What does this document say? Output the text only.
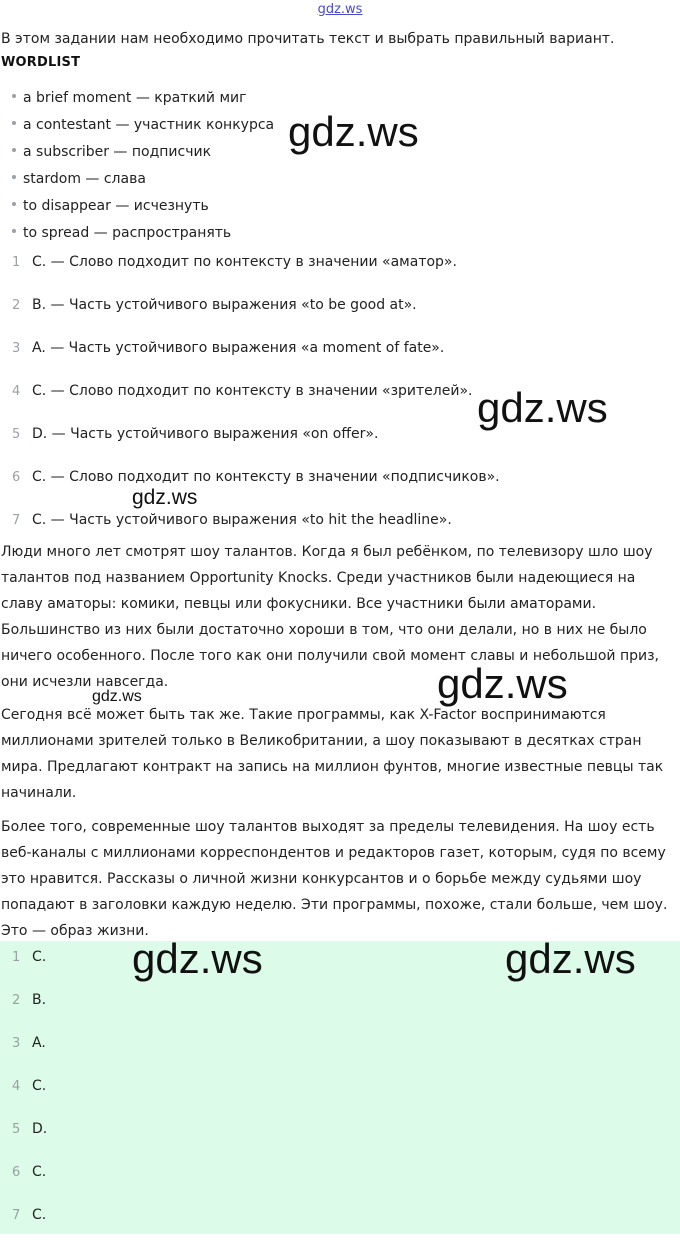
gdz.ws
В этом задании нам необходимо прочитать текст и выбрать правильный вариант.
WORDLIST
a brief moment — краткий миг
a contestant — участник конкурса
a subscriber — подписчик
stardom — слава
to disappear — исчезнуть
to spread — распространять
1 C. — Слово подходит по контексту в значении «аматор».
2 B. — Часть устойчивого выражения «to be good at».
3 A. — Часть устойчивого выражения «a moment of fate».
4 C. — Слово подходит по контексту в значении «зрителей».
5 D. — Часть устойчивого выражения «on offer».
6 C. — Слово подходит по контексту в значении «подписчиков».
7 C. — Часть устойчивого выражения «to hit the headline».

Люди много лет смотрят шоу талантов. Когда я был ребёнком, по телевизору шло шоу талантов под названием Opportunity Knocks. Среди участников были надеющиеся на славу аматоры: комики, певцы или фокусники. Все участники были аматорами. Большинство из них были достаточно хороши в том, что они делали, но в них не было ничего особенного. После того как они получили свой момент славы и небольшой приз, они исчезли навсегда.

Сегодня всё может быть так же. Такие программы, как X-Factor воспринимаются миллионами зрителей только в Великобритании, а шоу показывают в десятках стран мира. Предлагают контракт на запись на миллион фунтов, многие известные певцы так начинали.

Более того, современные шоу талантов выходят за пределы телевидения. На шоу есть веб-каналы с миллионами корреспондентов и редакторов газет, которым, судя по всему это нравится. Рассказы о личной жизни конкурсантов и о борьбе между судьями шоу попадают в заголовки каждую неделю. Эти программы, похоже, стали больше, чем шоу. Это — образ жизни.

1 C.
2 B.
3 A.
4 C.
5 D.
6 C.
7 C.
gdz.ws
gdz.ws
gdz.ws
gdz.ws
gdz.ws
gdz.ws	gdz.ws
